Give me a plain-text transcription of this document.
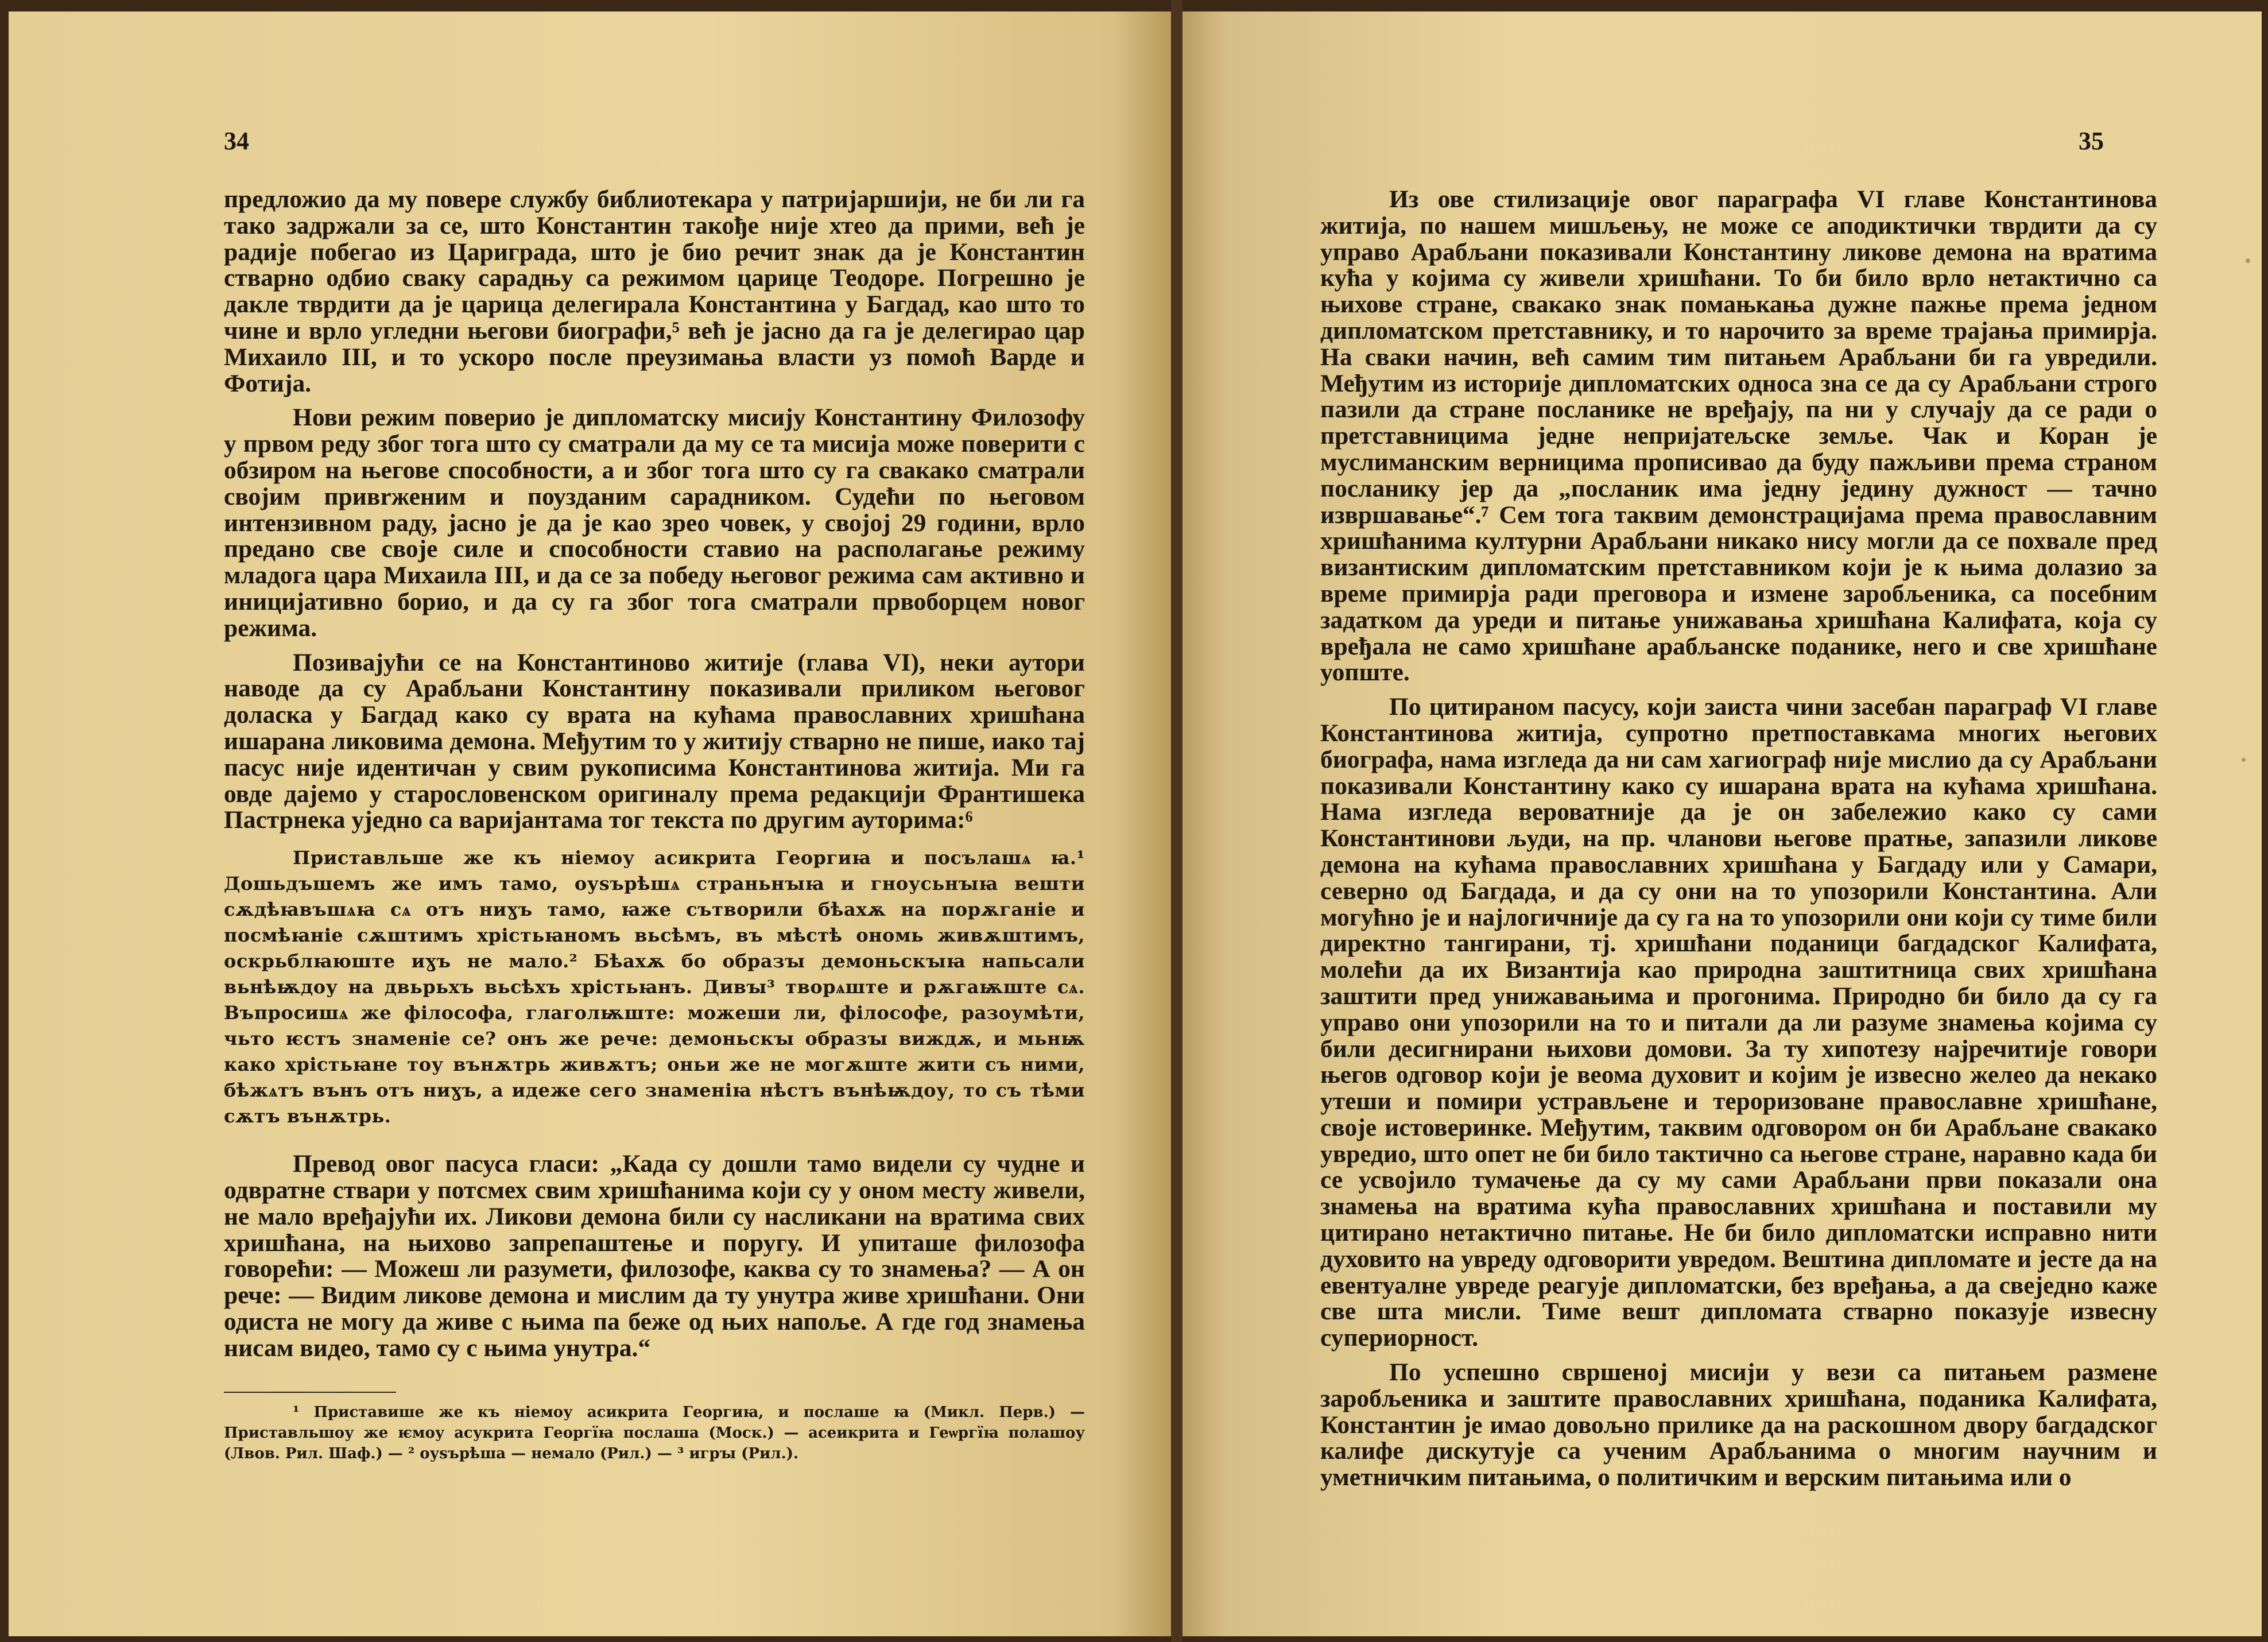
34

предложио да му повере службу библиотекара у патријаршији, не би ли га тако задржали за се, што Константин такође није хтео да прими, већ је радије побегао из Цариграда, што је био речит знак да је Константин стварно одбио сваку сарадњу са режимом царице Теодоре. Погрешно је дакле тврдити да је царица делегирала Константина у Багдад, као што то чине и врло угледни његови биографи,⁵ већ је јасно да га је делегирао цар Михаило III, и то ускоро после преузимања власти уз помоћ Варде и Фотија.

Нови режим поверио је дипломатску мисију Константину Филозофу у првом реду због тога што су сматрали да му се та мисија може поверити с обзиром на његове способности, а и због тога што су га свакако сматрали својим привrженим и поузданим сарадником. Судећи по његовом интензивном раду, јасно је да је као зрео човек, у својој 29 години, врло предано све своје силе и способности ставио на располагање режиму младога цара Михаила III, и да се за победу његовог режима сам активно и иницијативно борио, и да су га због тога сматрали првоборцем новог режима.

Позивајући се на Константиново житије (глава VI), неки аутори наводе да су Арабљани Константину показивали приликом његовог доласка у Багдад како су врата на кућама православних хришћана ишарана ликовима демона. Међутим то у житију стварно не пише, иако тај пасус није идентичан у свим рукописима Константинова житија. Ми га овде дајемо у старословенском оригиналу према редакцији Франтишека Пастрнека уједно са варијантама тог текста по другим ауторима:⁶

Приставльше же къ ніемоу асикрита Георгиꙗ и посълашѧ ꙗ.¹ Дошьдъшемъ же имъ тамо, оуѕърѣшѧ страньнꙑꙗ и гноусьнꙑꙗ вешти сѫдѣꙗвъшѧꙗ сѧ отъ ниɣъ тамо, ꙗже сътворили бѣахѫ на порѫганіе и посмѣꙗніе сѫштимъ хрістьꙗномъ вьсѣмъ, въ мѣстѣ ономь живѫштимъ, оскрьблꙗюште иɣъ не малo.² Бѣахѫ бо образꙑ демоньскꙑꙗ напьсали вьнѣѭдоу на двьрьхъ вьсѣхъ хрістьꙗнъ. Дивꙑ³ творѧште и рѫгаѭште сѧ. Въпросишѧ же філософа, глаголѭште: можеши ли, філософе, разоумѣти, чьто ѥстъ знаменіе се? онъ же рече: демоньскꙑ образꙑ виждѫ, и мьнѭ како хрістьꙗне тоу вънѫтрь живѫтъ; оньи же не могѫште жити съ ними, бѣжѧтъ вънъ отъ ниɣъ, а идеже сего знаменіꙗ нѣстъ вънѣѭдоу, то съ тѣми сѫтъ вънѫтрь.

Превод овог пасуса гласи: „Када су дошли тамо видели су чудне и одвратне ствари у потсмех свим хришћанима који су у оном месту живели, не мало вређајући их. Ликови демона били су насликани на вратима свих хришћана, на њихово запрепаштење и поругу. И упиташе филозофа говорећи: — Можеш ли разумети, филозофе, каква су то знамења? — А он рече: — Видим ликове демона и мислим да ту унутра живе хришћани. Они одиста не могу да живе с њима па беже од њих напоље. А где год знамења нисам видео, тамо су с њима унутра.“

¹ Приставише же къ ніемоу асикрита Георгиꙗ, и послаше ꙗ (Микл. Перв.) — Приставльшоу же ѥмоу асукрита Георгїꙗ послаша (Моск.) — асеикрита и Геѡргїꙗ полашоу (Лвов. Рил. Шаф.) — ² оуѕърѣша — немало (Рил.) — ³ игрꙑ (Рил.).

35

Из ове стилизације овог параграфа VI главе Константинова житија, по нашем мишљењу, не може се аподиктички тврдити да су управо Арабљани показивали Константину ликове демона на вратима кућа у којима су живели хришћани. То би било врло нетактично са њихове стране, свакако знак помањкања дужне пажње према једном дипломатском претставнику, и то нарочито за време трајања примирја. На сваки начин, већ самим тим питањем Арабљани би га увредили. Међутим из историје дипломатских односа зна се да су Арабљани строго пазили да стране посланике не вређају, па ни у случају да се ради о претставницима једне непријатељске земље. Чак и Коран је муслиманским верницима прописивао да буду пажљиви према страном посланику јер да „посланик има једну једину дужност — тачно извршавање“.⁷ Сем тога таквим демонстрацијама према православним хришћанима културни Арабљани никако нису могли да се похвале пред византиским дипломатским претставником који је к њима долазио за време примирја ради преговора и измене заробљеника, са посебним задатком да уреди и питање унижавања хришћана Калифата, која су вређала не само хришћане арабљанске поданике, него и све хришћане уопште.

По цитираном пасусу, који заиста чини засебан параграф VI главе Константинова житија, супротно претпоставкама многих његових биографа, нама изгледа да ни сам хагиограф није мислио да су Арабљани показивали Константину како су ишарана врата на кућама хришћана. Нама изгледа вероватније да је он забележио како су сами Константинови људи, на пр. чланови његове пратње, запазили ликове демона на кућама православних хришћана у Багдаду или у Самари, северно од Багдада, и да су они на то упозорили Константина. Али могућно је и најлогичније да су га на то упозорили они који су тиме били директно тангирани, тј. хришћани поданици багдадског Калифата, молећи да их Византија као природна заштитница свих хришћана заштити пред унижавањима и прогонима. Природно би било да су га управо они упозорили на то и питали да ли разуме знамења којима су били десигнирани њихови домови. За ту хипотезу најречитије говори његов одговор који је веома духовит и којим је извесно желео да некако утеши и помири устрављене и тероризоване православне хришћане, своје истоверинке. Међутим, таквим одговором он би Арабљане свакако увредио, што опет не би било тактично са његове стране, наравно када би се усвојило тумачење да су му сами Арабљани први показали она знамења на вратима кућа православних хришћана и поставили му цитирано нетактично питање. Не би било дипломатски исправно нити духовито на увреду одговорити увредом. Вештина дипломате и јесте да на евентуалне увреде реагује дипломатски, без вређања, а да свеједно каже све шта мисли. Тиме вешт дипломата стварно показује извесну супериорност.

По успешно свршеној мисији у вези са питањем размене заробљеника и заштите православних хришћана, поданика Калифата, Константин је имао довољно прилике да на раскошном двору багдадског калифе дискутује са ученим Арабљанима о многим научним и уметничким питањима, о политичким и верским питањима или о
